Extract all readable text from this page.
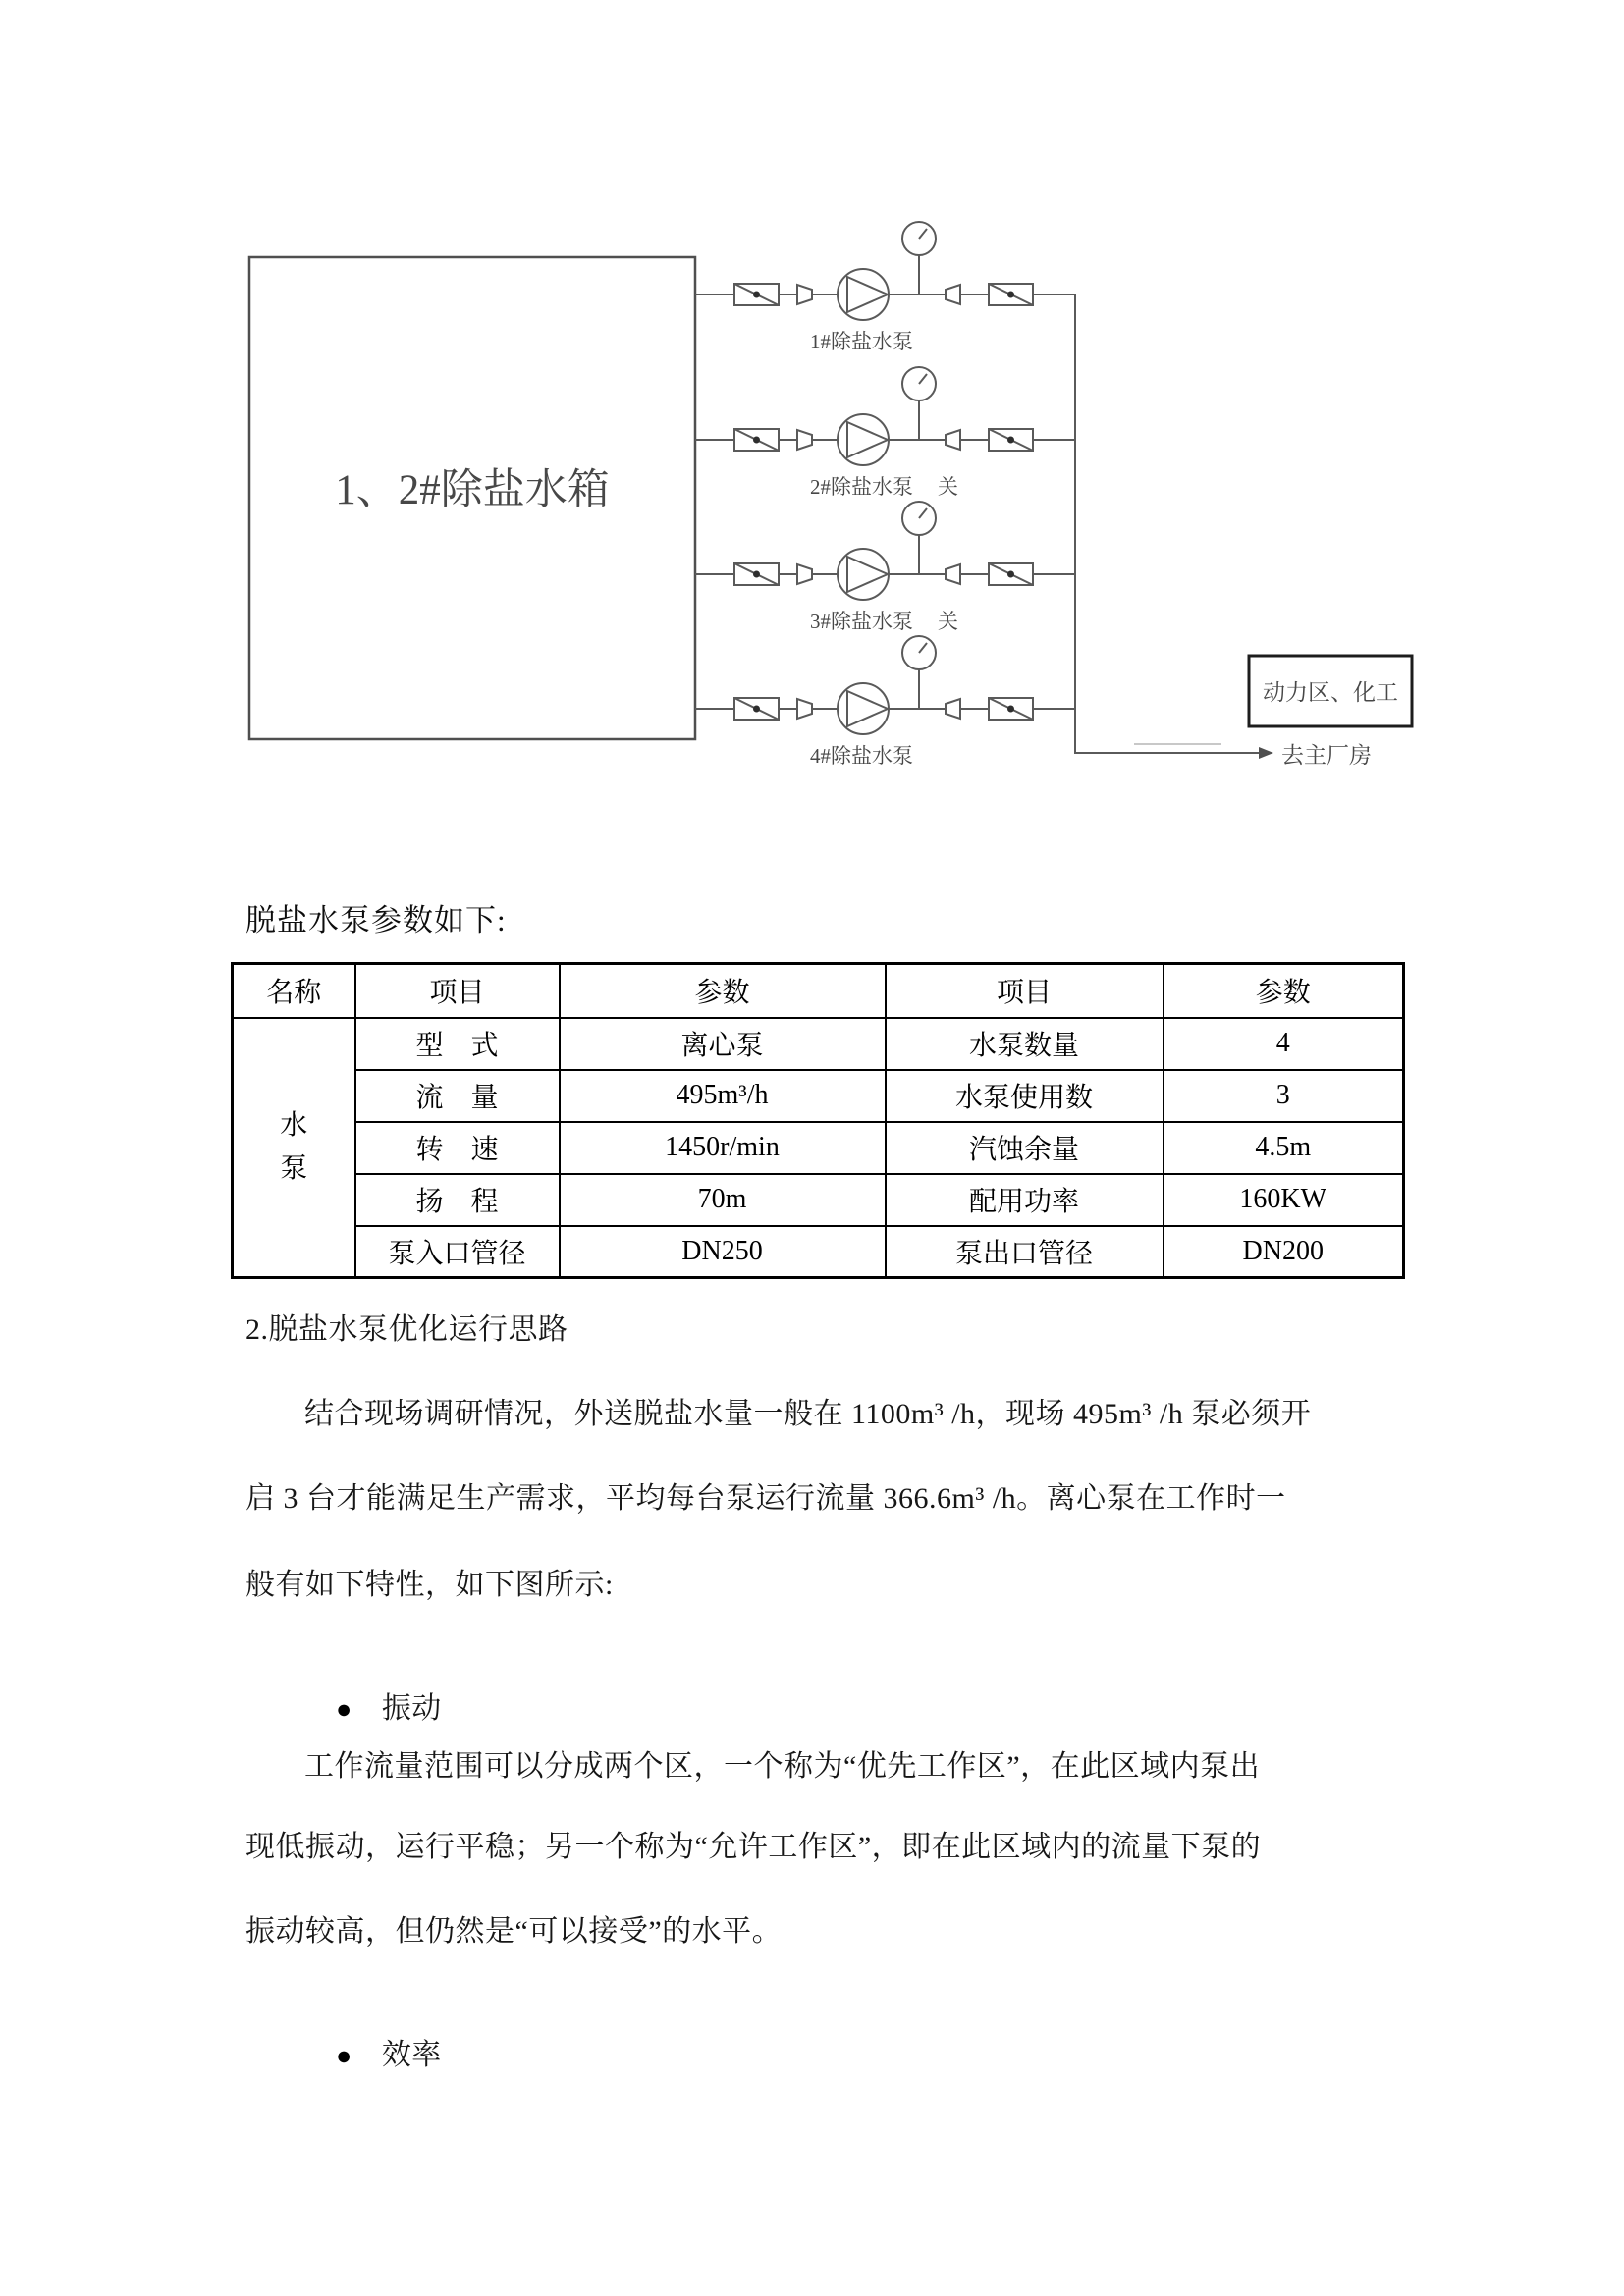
1、2#除盐水箱
1#除盐水泵
2#除盐水泵 关
3#除盐水泵 关
4#除盐水泵	去主厂房
动力区、化工
脱盐水泵参数如下:
名称	项目	参数	项目	参数
水泵	型　式	离心泵	水泵数量	4
	流　量	495m³/h	水泵使用数	3
	转　速	1450r/min	汽蚀余量	4.5m
	扬　程	70m	配用功率	160KW
	泵入口管径	DN250	泵出口管径	DN200
2.脱盐水泵优化运行思路
结合现场调研情况，外送脱盐水量一般在 1100m³ /h，现场 495m³ /h 泵必须开
启 3 台才能满足生产需求，平均每台泵运行流量 366.6m³ /h。离心泵在工作时一
般有如下特性，如下图所示:

● 振动

工作流量范围可以分成两个区，一个称为“优先工作区”，在此区域内泵出
现低振动，运行平稳；另一个称为“允许工作区”，即在此区域内的流量下泵的
振动较高，但仍然是“可以接受”的水平。

● 效率
